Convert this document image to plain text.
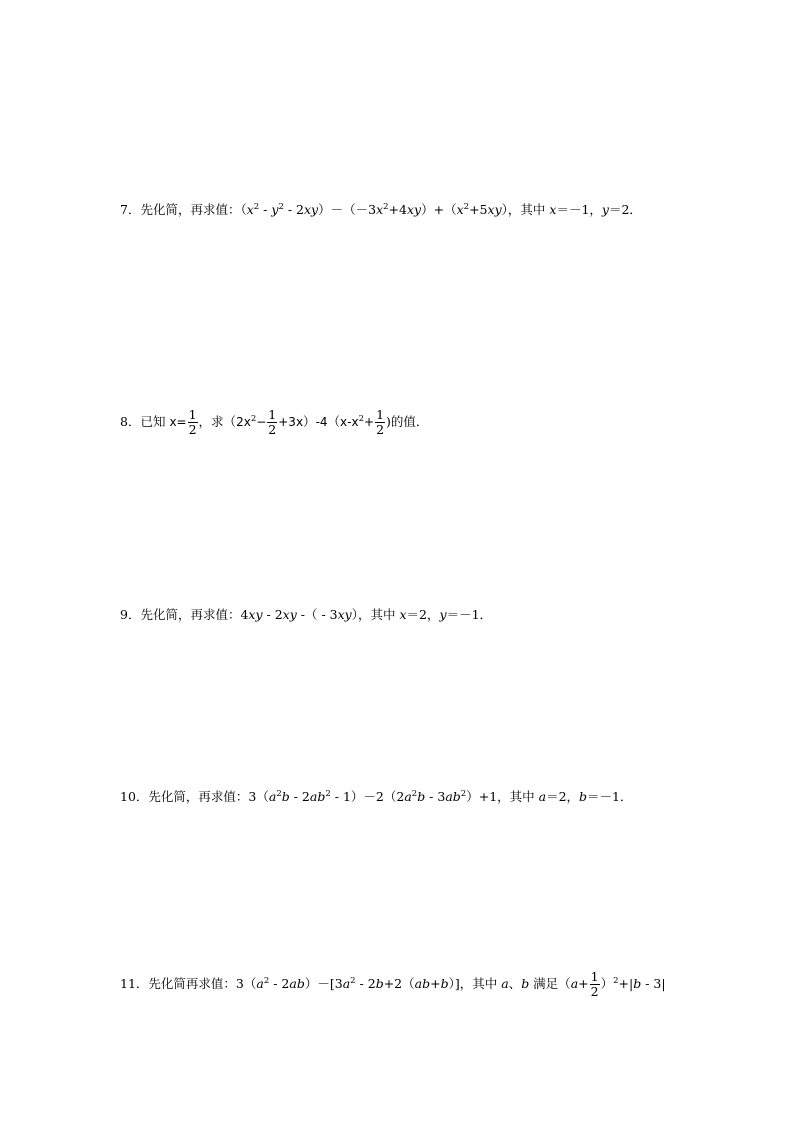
7．先化简，再求值：$(x^2 - y^2 - 2xy)-(-3x^2+4xy)+(x^2+5xy)$，其中 x＝－1，y＝2．
8．已知 $x= \frac{1}{2}$ ，求$(2x^2- \frac{1}{2} +3x)-4(x-x^2+ \frac{1}{2}$ )的值．
9．先化简，再求值：4xy - 2xy -（ - 3xy），其中 x＝2，y＝－1．
10．先化简，再求值：$3(a^2b - 2ab^2 - 1)-2(2a^2b - 3ab^2)+1$，其中 a＝2，b＝－1．
11．先化简再求值：$3(a^2 - 2ab)-[3a^2 - 2b+2(ab+b)]$，其中 a、b 满足$(a+ \frac{1}{2} )^2+|b - 3|$
